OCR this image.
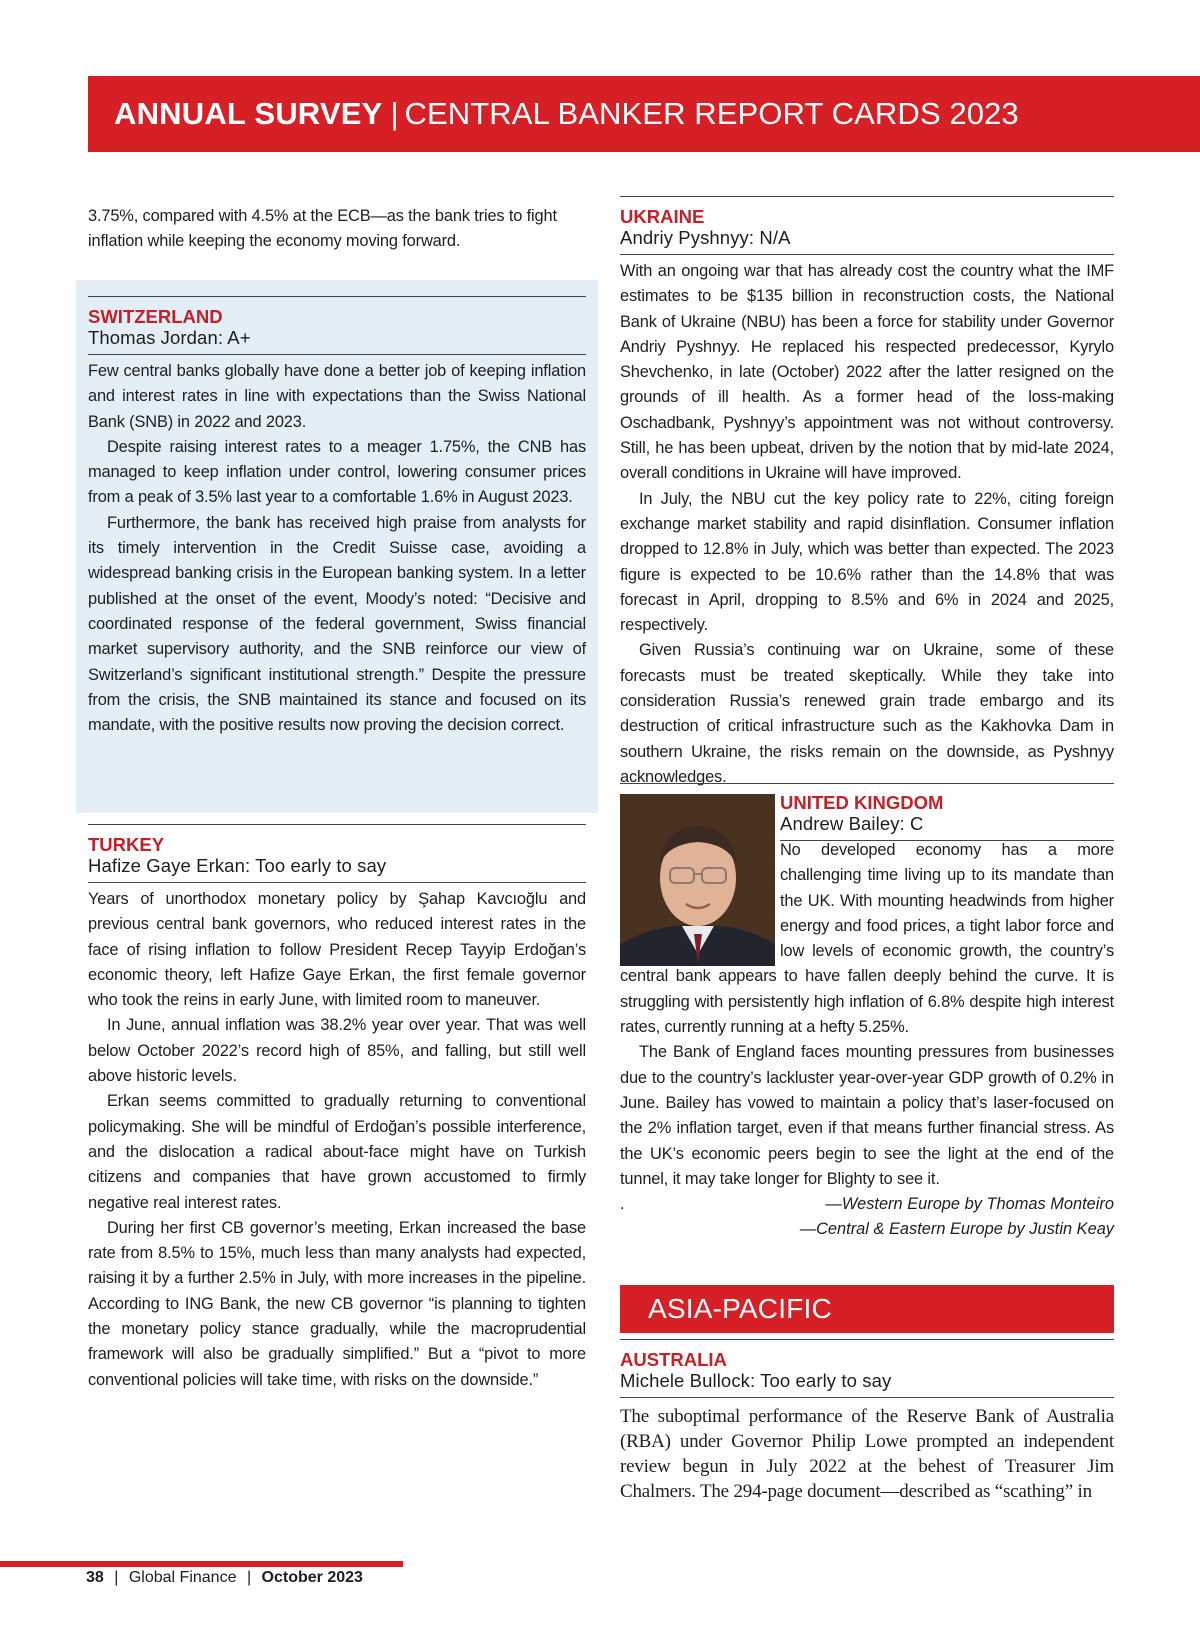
ANNUAL SURVEY | CENTRAL BANKER REPORT CARDS 2023

3.75%, compared with 4.5% at the ECB—as the bank tries to fight inflation while keeping the economy moving forward.

SWITZERLAND
Thomas Jordan: A+

Few central banks globally have done a better job of keeping inflation and interest rates in line with expectations than the Swiss National Bank (SNB) in 2022 and 2023.

Despite raising interest rates to a meager 1.75%, the CNB has managed to keep inflation under control, lowering consumer prices from a peak of 3.5% last year to a comfortable 1.6% in August 2023.

Furthermore, the bank has received high praise from analysts for its timely intervention in the Credit Suisse case, avoiding a widespread banking crisis in the European banking system. In a letter published at the onset of the event, Moody’s noted: “Decisive and coordinated response of the federal government, Swiss financial market supervisory authority, and the SNB reinforce our view of Switzerland’s significant institutional strength.” Despite the pressure from the crisis, the SNB maintained its stance and focused on its mandate, with the positive results now proving the decision correct.

TURKEY
Hafize Gaye Erkan: Too early to say

Years of unorthodox monetary policy by Şahap Kavcıoğlu and previous central bank governors, who reduced interest rates in the face of rising inflation to follow President Recep Tayyip Erdoğan’s economic theory, left Hafize Gaye Erkan, the first female governor who took the reins in early June, with limited room to maneuver.

In June, annual inflation was 38.2% year over year. That was well below October 2022’s record high of 85%, and falling, but still well above historic levels.

Erkan seems committed to gradually returning to conventional policymaking. She will be mindful of Erdoğan’s possible interference, and the dislocation a radical about-face might have on Turkish citizens and companies that have grown accustomed to firmly negative real interest rates.

During her first CB governor’s meeting, Erkan increased the base rate from 8.5% to 15%, much less than many analysts had expected, raising it by a further 2.5% in July, with more increases in the pipeline. According to ING Bank, the new CB governor “is planning to tighten the monetary policy stance gradually, while the macroprudential framework will also be gradually simplified.” But a “pivot to more conventional policies will take time, with risks on the downside.”

UKRAINE
Andriy Pyshnyy: N/A

With an ongoing war that has already cost the country what the IMF estimates to be $135 billion in reconstruction costs, the National Bank of Ukraine (NBU) has been a force for stability under Governor Andriy Pyshnyy. He replaced his respected predecessor, Kyrylo Shevchenko, in late (October) 2022 after the latter resigned on the grounds of ill health. As a former head of the loss-making Oschadbank, Pyshnyy’s appointment was not without controversy. Still, he has been upbeat, driven by the notion that by mid-late 2024, overall conditions in Ukraine will have improved.

In July, the NBU cut the key policy rate to 22%, citing foreign exchange market stability and rapid disinflation. Consumer inflation dropped to 12.8% in July, which was better than expected. The 2023 figure is expected to be 10.6% rather than the 14.8% that was forecast in April, dropping to 8.5% and 6% in 2024 and 2025, respectively.

Given Russia’s continuing war on Ukraine, some of these forecasts must be treated skeptically. While they take into consideration Russia’s renewed grain trade embargo and its destruction of critical infrastructure such as the Kakhovka Dam in southern Ukraine, the risks remain on the downside, as Pyshnyy acknowledges.

UNITED KINGDOM
Andrew Bailey: C

No developed economy has a more challenging time living up to its mandate than the UK. With mounting headwinds from higher energy and food prices, a tight labor force and low levels of economic growth, the country’s central bank appears to have fallen deeply behind the curve. It is struggling with persistently high inflation of 6.8% despite high interest rates, currently running at a hefty 5.25%.

The Bank of England faces mounting pressures from businesses due to the country’s lackluster year-over-year GDP growth of 0.2% in June. Bailey has vowed to maintain a policy that’s laser-focused on the 2% inflation target, even if that means further financial stress. As the UK’s economic peers begin to see the light at the end of the tunnel, it may take longer for Blighty to see it.

.	—Western Europe by Thomas Monteiro
—Central & Eastern Europe by Justin Keay
ASIA-PACIFIC
AUSTRALIA
Michele Bullock: Too early to say

The suboptimal performance of the Reserve Bank of Australia (RBA) under Governor Philip Lowe prompted an independent review begun in July 2022 at the behest of Treasurer Jim Chalmers. The 294-page document—described as “scathing” in

38 | Global Finance | October 2023
